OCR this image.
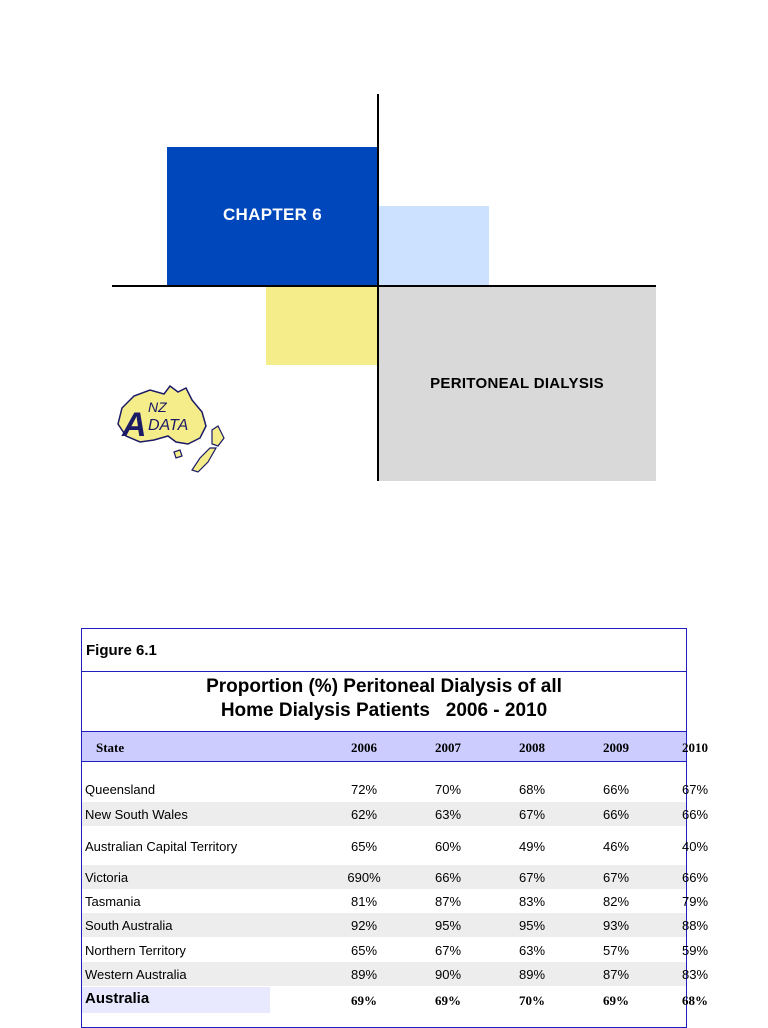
CHAPTER 6
PERITONEAL DIALYSIS
A NZ
DATA
Figure 6.1
Proportion (%) Peritoneal Dialysis of all
Home Dialysis Patients   2006 - 2010
State	2006	2007	2008	2009	2010
Queensland	72%	70%	68%	66%	67%
New South Wales	62%	63%	67%	66%	66%
Australian Capital Territory	65%	60%	49%	46%	40%
Victoria	690%	66%	67%	67%	66%
Tasmania	81%	87%	83%	82%	79%
South Australia	92%	95%	95%	93%	88%
Northern Territory	65%	67%	63%	57%	59%
Western Australia	89%	90%	89%	87%	83%
Australia	69%	69%	70%	69%	68%
